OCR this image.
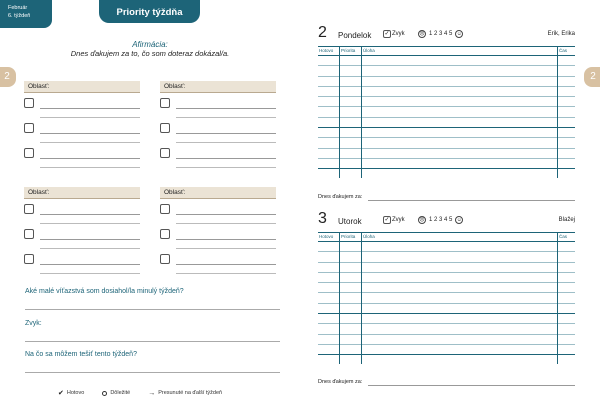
Február
6. týždeň	Priority týždňa
2
Afirmácia:
Dnes ďakujem za to, čo som doteraz dokázal/a.
Oblasť:	Oblasť:
Oblasť:	Oblasť:
Aké malé víťazstvá som dosiahol/la minulý týždeň?
Zvyk:
Na čo sa môžem tešiť tento týždeň?
✔ Hotovo	Dôležité	→ Presunuté na ďalší týždeň
2
2 Pondelok ✓ Zvyk	☹ 1 2 3 4 5 ☺	Erik, Erika
Hotovo Priorita Úloha	Čas
Dnes ďakujem za:
3 Utorok	✓ Zvyk	☹ 1 2 3 4 5 ☺	Blažej
Hotovo Priorita Úloha	Čas
Dnes ďakujem za:
